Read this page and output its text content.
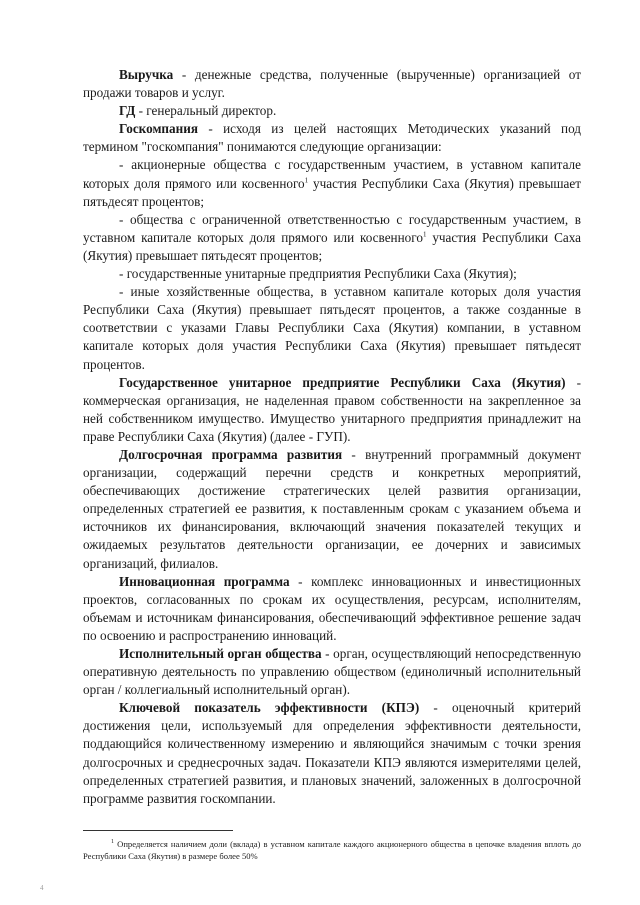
Выручка - денежные средства, полученные (вырученные) организацией от продажи товаров и услуг.

ГД - генеральный директор.

Госкомпания - исходя из целей настоящих Методических указаний под термином "госкомпания" понимаются следующие организации:

- акционерные общества с государственным участием, в уставном капитале которых доля прямого или косвенного$^1$ участия Республики Саха (Якутия) превышает пятьдесят процентов;

- общества с ограниченной ответственностью с государственным участием, в уставном капитале которых доля прямого или косвенного$^1$ участия Республики Саха (Якутия) превышает пятьдесят процентов;

- государственные унитарные предприятия Республики Саха (Якутия);

- иные хозяйственные общества, в уставном капитале которых доля участия Республики Саха (Якутия) превышает пятьдесят процентов, а также созданные в соответствии с указами Главы Республики Саха (Якутия) компании, в уставном капитале которых доля участия Республики Саха (Якутия) превышает пятьдесят процентов.

Государственное унитарное предприятие Республики Саха (Якутия) - коммерческая организация, не наделенная правом собственности на закрепленное за ней собственником имущество. Имущество унитарного предприятия принадлежит на праве Республики Саха (Якутия) (далее - ГУП).

Долгосрочная программа развития - внутренний программный документ организации, содержащий перечни средств и конкретных мероприятий, обеспечивающих достижение стратегических целей развития организации, определенных стратегией ее развития, к поставленным срокам с указанием объема и источников их финансирования, включающий значения показателей текущих и ожидаемых результатов деятельности организации, ее дочерних и зависимых организаций, филиалов.

Инновационная программа - комплекс инновационных и инвестиционных проектов, согласованных по срокам их осуществления, ресурсам, исполнителям, объемам и источникам финансирования, обеспечивающий эффективное решение задач по освоению и распространению инноваций.

Исполнительный орган общества - орган, осуществляющий непосредственную оперативную деятельность по управлению обществом (единоличный исполнительный орган / коллегиальный исполнительный орган).

Ключевой показатель эффективности (КПЭ) - оценочный критерий достижения цели, используемый для определения эффективности деятельности, поддающийся количественному измерению и являющийся значимым с точки зрения долгосрочных и среднесрочных задач. Показатели КПЭ являются измерителями целей, определенных стратегией развития, и плановых значений, заложенных в долгосрочной программе развития госкомпании.

$^1$ Определяется наличием доли (вклада) в уставном капитале каждого акционерного общества в цепочке владения вплоть до Республики Саха (Якутия) в размере более 50%

4
